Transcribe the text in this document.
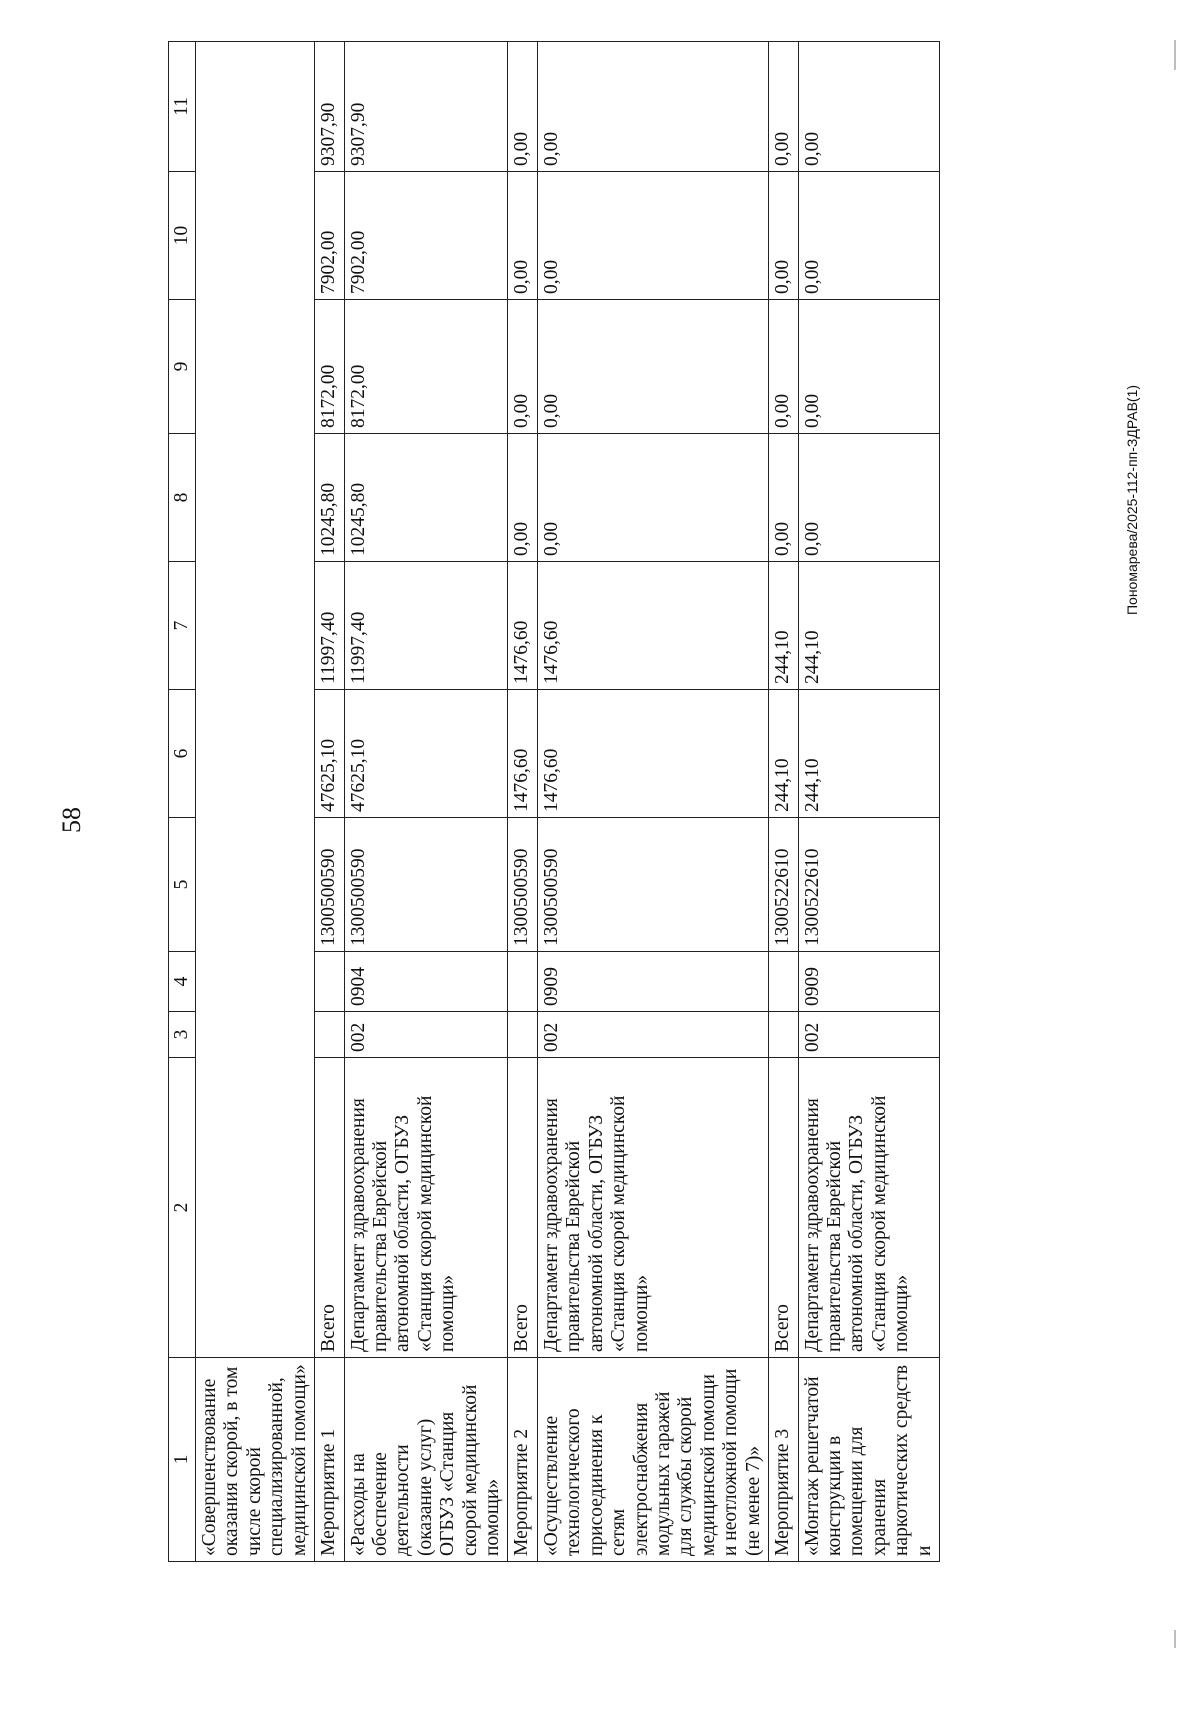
58
Пономарева/2025-112-пп-ЗДРАВ(1)
1	2	3	4	5	6	7	8	9	10	11
«Совершенствование оказания скорой, в том числе скорой специализированной, медицинской помощи»										
Мероприятие 1	Всего			1300500590	47625,10	11997,40	10245,80	8172,00	7902,00	9307,90
«Расходы на обеспечение деятельности (оказание услуг) ОГБУЗ «Станция скорой медицинской помощи»	Департамент здравоохранения правительства Еврейской автономной области, ОГБУЗ «Станция скорой медицинской помощи»	002	0904	1300500590	47625,10	11997,40	10245,80	8172,00	7902,00	9307,90
Мероприятие 2	Всего			1300500590	1476,60	1476,60	0,00	0,00	0,00	0,00
«Осуществление технологического присоединения к сетям электроснабжения модульных гаражей для службы скорой медицинской помощи и неотложной помощи (не менее 7)»	Департамент здравоохранения правительства Еврейской автономной области, ОГБУЗ «Станция скорой медицинской помощи»	002	0909	1300500590	1476,60	1476,60	0,00	0,00	0,00	0,00
Мероприятие 3	Всего			1300522610	244,10	244,10	0,00	0,00	0,00	0,00
«Монтаж решетчатой конструкции в помещении для хранения наркотических средств и	Департамент здравоохранения правительства Еврейской автономной области, ОГБУЗ «Станция скорой медицинской помощи»	002	0909	1300522610	244,10	244,10	0,00	0,00	0,00	0,00
